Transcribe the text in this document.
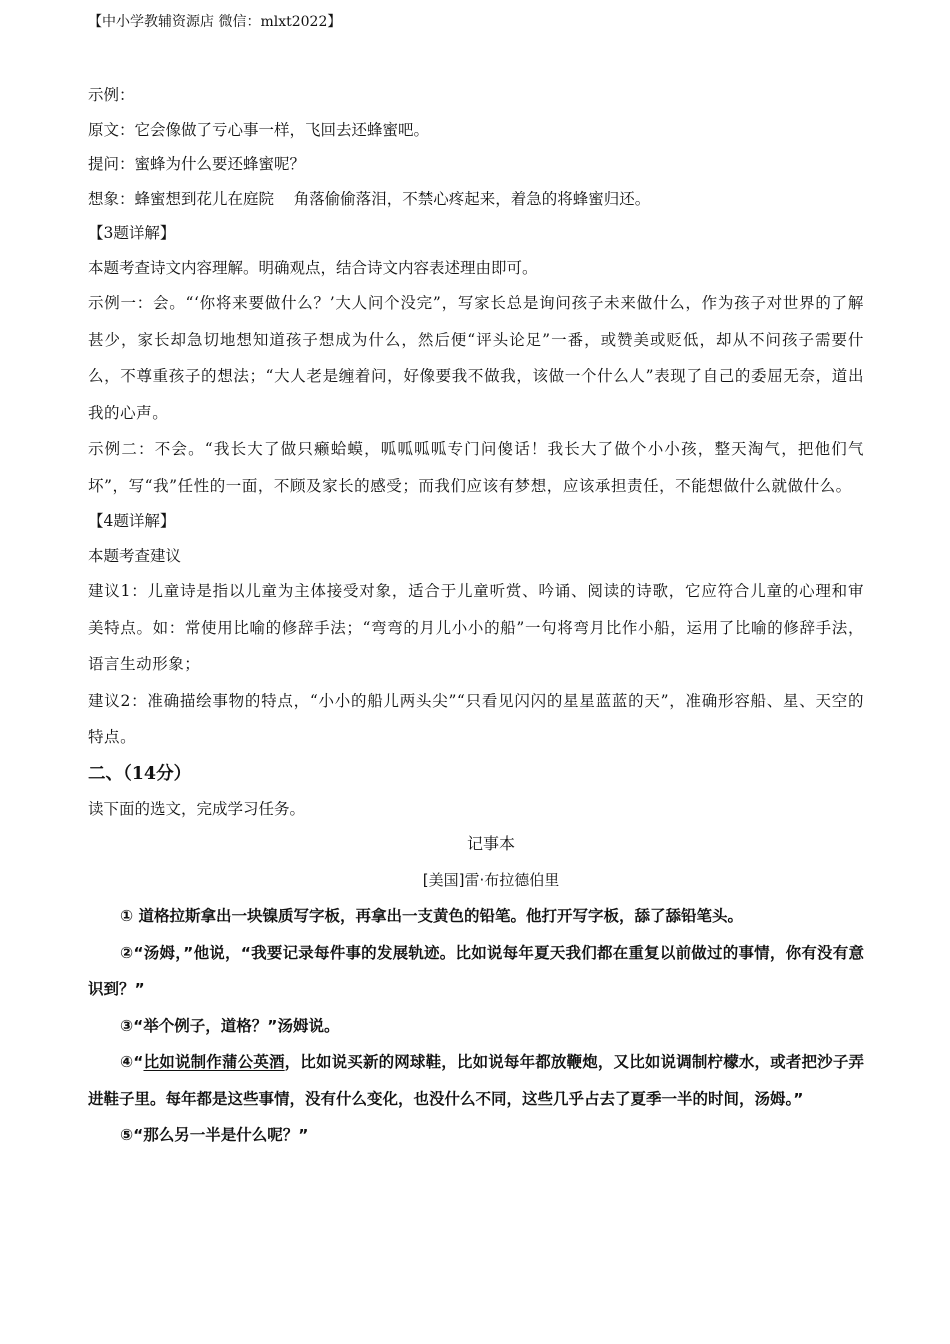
【中小学教辅资源店 微信：mlxt2022】

示例：

原文：它会像做了亏心事一样，飞回去还蜂蜜吧。

提问：蜜蜂为什么要还蜂蜜呢？

想象：蜂蜜想到花儿在庭院    角落偷偷落泪，不禁心疼起来，着急的将蜂蜜归还。

【3题详解】

本题考查诗文内容理解。明确观点，结合诗文内容表述理由即可。

示例一：会。“‘你将来要做什么？’大人问个没完”，写家长总是询问孩子未来做什么，作为孩子对世界的了解甚少，家长却急切地想知道孩子想成为什么，然后便“评头论足”一番，或赞美或贬低，却从不问孩子需要什么，不尊重孩子的想法；“大人老是缠着问，好像要我不做我，该做一个什么人”表现了自己的委屈无奈，道出我的心声。

示例二：不会。“我长大了做只癞蛤蟆，呱呱呱呱专门问傻话！我长大了做个小小孩，整天淘气，把他们气坏”，写“我”任性的一面，不顾及家长的感受；而我们应该有梦想，应该承担责任，不能想做什么就做什么。

【4题详解】

本题考查建议

建议1：儿童诗是指以儿童为主体接受对象，适合于儿童听赏、吟诵、阅读的诗歌，它应符合儿童的心理和审美特点。如：常使用比喻的修辞手法；“弯弯的月儿小小的船”一句将弯月比作小船，运用了比喻的修辞手法，语言生动形象；

建议2：准确描绘事物的特点，“小小的船儿两头尖”“只看见闪闪的星星蓝蓝的天”，准确形容船、星、天空的特点。

二、（14分）

读下面的选文，完成学习任务。

记事本

[美国]雷·布拉德伯里

① 道格拉斯拿出一块镍质写字板，再拿出一支黄色的铅笔。他打开写字板，舔了舔铅笔头。

②“汤姆，”他说，“我要记录每件事的发展轨迹。比如说每年夏天我们都在重复以前做过的事情，你有没有意识到？”

③“举个例子，道格？”汤姆说。

④“比如说制作蒲公英酒，比如说买新的网球鞋，比如说每年都放鞭炮，又比如说调制柠檬水，或者把沙子弄进鞋子里。每年都是这些事情，没有什么变化，也没什么不同，这些几乎占去了夏季一半的时间，汤姆。”

⑤“那么另一半是什么呢？”
